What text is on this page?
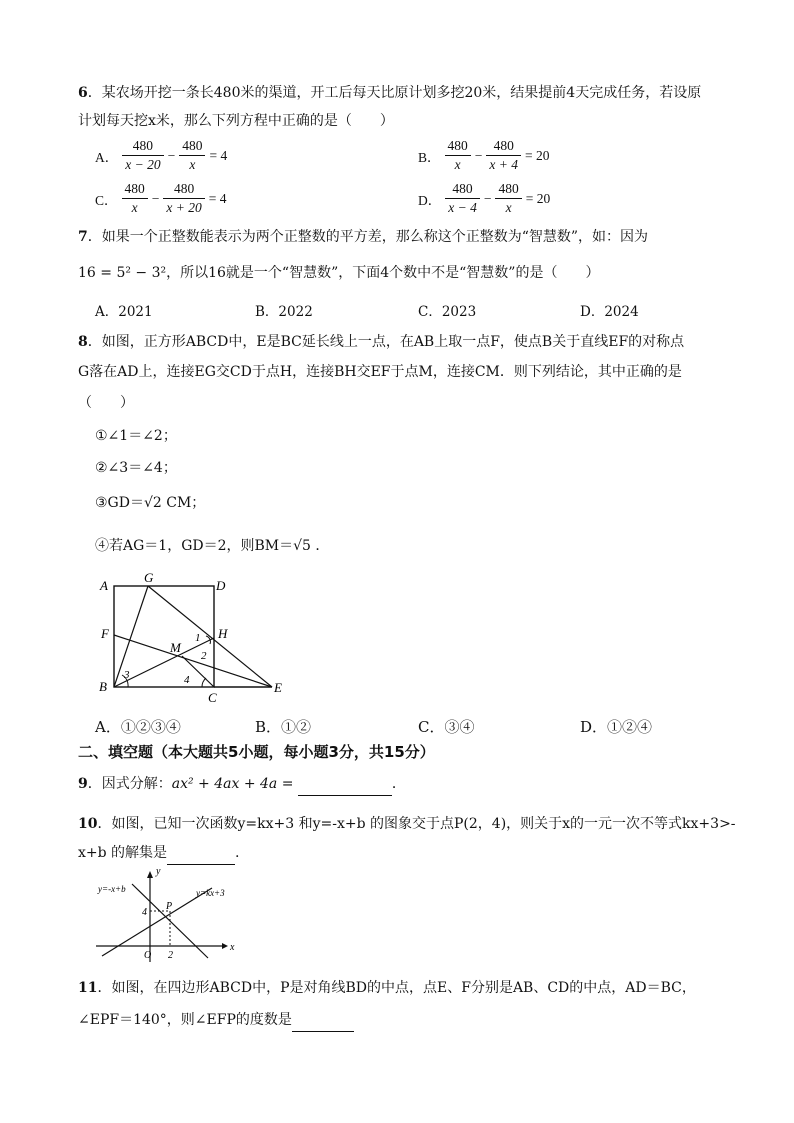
6．某农场开挖一条长480米的渠道，开工后每天比原计划多挖20米，结果提前4天完成任务，若设原
计划每天挖x米，那么下列方程中正确的是（　　）
A． $\frac{480}{x - 20} - \frac{480}{x} = 4$	B． $\frac{480}{x} - \frac{480}{x + 4} = 20$
C． $\frac{480}{x} - \frac{480}{x + 20} = 4$	D． $\frac{480}{x - 4} - \frac{480}{x} = 20$
7．如果一个正整数能表示为两个正整数的平方差，那么称这个正整数为“智慧数”，如：因为
16 = 5² − 3²，所以16就是一个“智慧数”，下面4个数中不是“智慧数”的是（　　）
A．2021	B．2022	C．2023	D．2024
8．如图，正方形ABCD中，E是BC延长线上一点，在AB上取一点F，使点B关于直线EF的对称点
G落在AD上，连接EG交CD于点H，连接BH交EF于点M，连接CM．则下列结论，其中正确的是
（　　）
①∠1＝∠2；
②∠3＝∠4；
③GD＝√2 CM；
④若AG＝1，GD＝2，则BM＝√5 ．
A
G
D
F	H
M
B
C
E
1
2
3	4
A．①②③④	B．①②	C．③④	D．①②④
二、填空题（本大题共5小题，每小题3分，共15分）
9．因式分解：ax² + 4ax + 4a =	．
10．如图，已知一次函数y=kx+3 和y=-x+b 的图象交于点P(2，4)，则关于x的一元一次不等式kx+3>-
x+b 的解集是	.
y
x
O
P
4
2
y=-x+b	y=kx+3
11．如图，在四边形ABCD中，P是对角线BD的中点，点E、F分别是AB、CD的中点，AD＝BC，
∠EPF＝140°，则∠EFP的度数是
